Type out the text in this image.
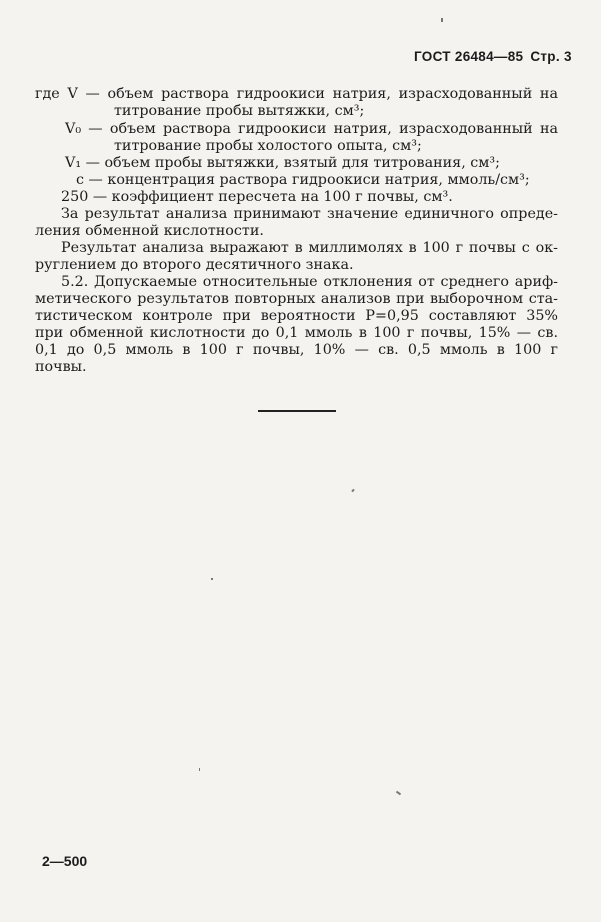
ГОСТ 26484—85 Стр. 3
где V — объем раствора гидроокиси натрия, израсходованный на
титрование пробы вытяжки, см³;
V₀ — объем раствора гидроокиси натрия, израсходованный на
титрование пробы холостого опыта, см³;
V₁ — объем пробы вытяжки, взятый для титрования, см³;
c — концентрация раствора гидроокиси натрия, ммоль/см³;
250 — коэффициент пересчета на 100 г почвы, см³.
За результат анализа принимают значение единичного опреде-
ления обменной кислотности.
Результат анализа выражают в миллимолях в 100 г почвы с ок-
руглением до второго десятичного знака.
5.2. Допускаемые относительные отклонения от среднего ариф-
метического результатов повторных анализов при выборочном ста-
тистическом контроле при вероятности P=0,95 составляют 35%
при обменной кислотности до 0,1 ммоль в 100 г почвы, 15% — св.
0,1 до 0,5 ммоль в 100 г почвы, 10% — св. 0,5 ммоль в 100 г
почвы.
2—500
